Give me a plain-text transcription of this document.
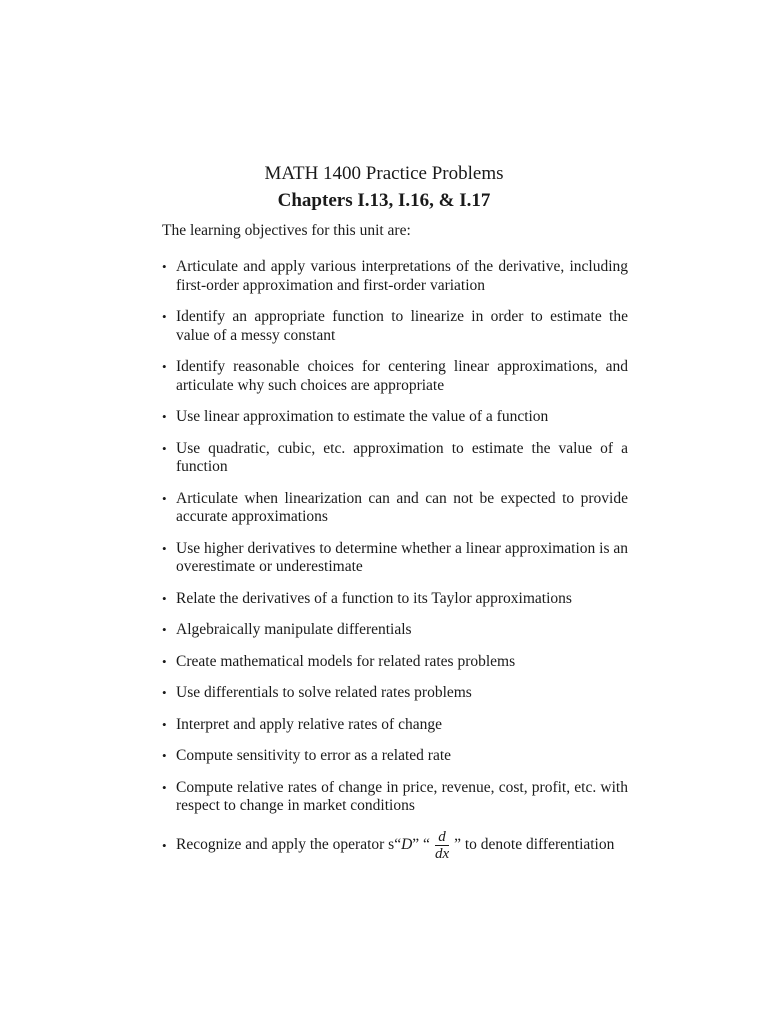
MATH 1400 Practice Problems

Chapters I.13, I.16, & I.17

The learning objectives for this unit are:

• Articulate and apply various interpretations of the derivative, including first-order approximation and first-order variation
• Identify an appropriate function to linearize in order to estimate the value of a messy constant
• Identify reasonable choices for centering linear approximations, and articulate why such choices are appropriate
• Use linear approximation to estimate the value of a function
• Use quadratic, cubic, etc. approximation to estimate the value of a function
• Articulate when linearization can and can not be expected to provide accurate approximations
• Use higher derivatives to determine whether a linear approximation is an overestimate or underestimate
• Relate the derivatives of a function to its Taylor approximations
• Algebraically manipulate differentials
• Create mathematical models for related rates problems
• Use differentials to solve related rates problems
• Interpret and apply relative rates of change
• Compute sensitivity to error as a related rate
• Compute relative rates of change in price, revenue, cost, profit, etc. with respect to change in market conditions
• Recognize and apply the operator s“ D ” “ $\frac{d}{dx}$ ” to denote differentiation
